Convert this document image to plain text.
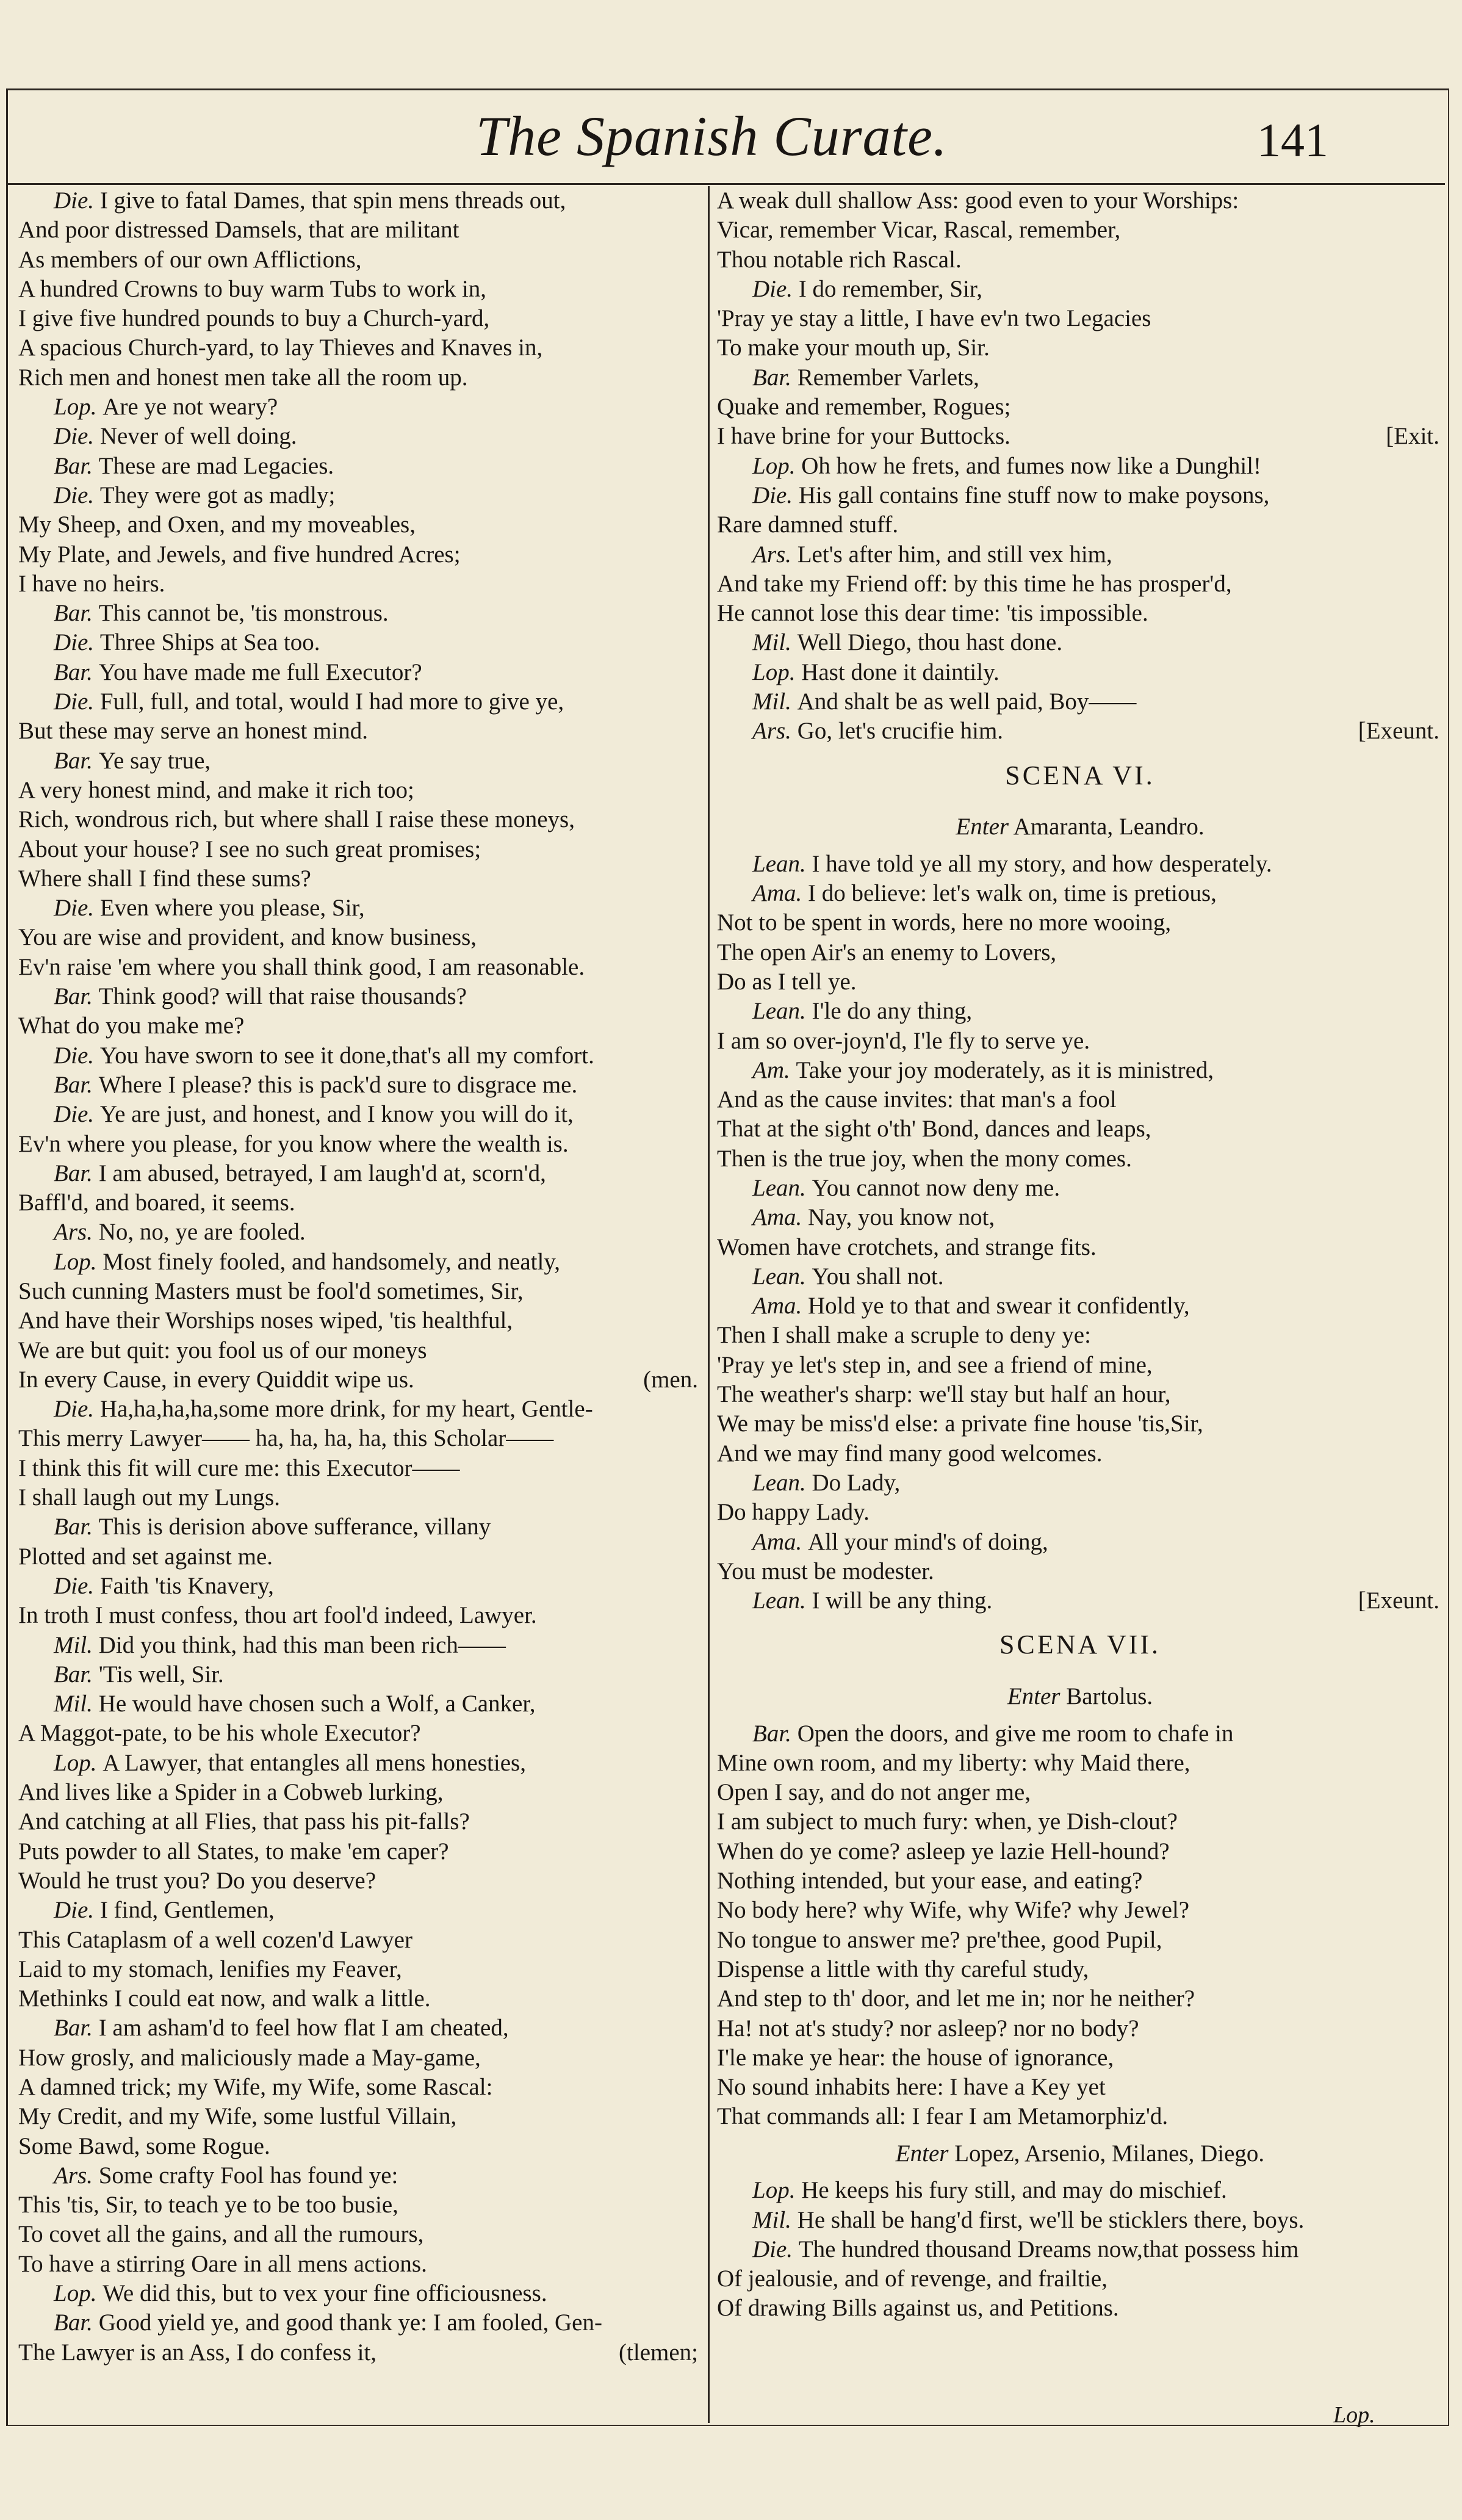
The Spanish Curate.	141
Die. I give to fatal Dames, that spin mens threads out,
And poor distressed Damsels, that are militant
As members of our own Afflictions,
A hundred Crowns to buy warm Tubs to work in,
I give five hundred pounds to buy a Church-yard,
A spacious Church-yard, to lay Thieves and Knaves in,
Rich men and honest men take all the room up.
Lop. Are ye not weary?
Die. Never of well doing.
Bar. These are mad Legacies.
Die. They were got as madly;
My Sheep, and Oxen, and my moveables,
My Plate, and Jewels, and five hundred Acres;
I have no heirs.
Bar. This cannot be, 'tis monstrous.
Die. Three Ships at Sea too.
Bar. You have made me full Executor?
Die. Full, full, and total, would I had more to give ye,
But these may serve an honest mind.
Bar. Ye say true,
A very honest mind, and make it rich too;
Rich, wondrous rich, but where shall I raise these moneys,
About your house? I see no such great promises;
Where shall I find these sums?
Die. Even where you please, Sir,
You are wise and provident, and know business,
Ev'n raise 'em where you shall think good, I am reasonable.
Bar. Think good? will that raise thousands?
What do you make me?
Die. You have sworn to see it done,that's all my comfort.
Bar. Where I please? this is pack'd sure to disgrace me.
Die. Ye are just, and honest, and I know you will do it,
Ev'n where you please, for you know where the wealth is.
Bar. I am abused, betrayed, I am laugh'd at, scorn'd,
Baffl'd, and boared, it seems.
Ars. No, no, ye are fooled.
Lop. Most finely fooled, and handsomely, and neatly,
Such cunning Masters must be fool'd sometimes, Sir,
And have their Worships noses wiped, 'tis healthful,
We are but quit: you fool us of our moneys
In every Cause, in every Quiddit wipe us.	(men.
Die. Ha,ha,ha,ha,some more drink, for my heart, Gentle-
This merry Lawyer—— ha, ha, ha, ha, this Scholar——
I think this fit will cure me: this Executor——
I shall laugh out my Lungs.
Bar. This is derision above sufferance, villany
Plotted and set against me.
Die. Faith 'tis Knavery,
In troth I must confess, thou art fool'd indeed, Lawyer.
Mil. Did you think, had this man been rich——
Bar. 'Tis well, Sir.
Mil. He would have chosen such a Wolf, a Canker,
A Maggot-pate, to be his whole Executor?
Lop. A Lawyer, that entangles all mens honesties,
And lives like a Spider in a Cobweb lurking,
And catching at all Flies, that pass his pit-falls?
Puts powder to all States, to make 'em caper?
Would he trust you? Do you deserve?
Die. I find, Gentlemen,
This Cataplasm of a well cozen'd Lawyer
Laid to my stomach, lenifies my Feaver,
Methinks I could eat now, and walk a little.
Bar. I am asham'd to feel how flat I am cheated,
How grosly, and maliciously made a May-game,
A damned trick; my Wife, my Wife, some Rascal:
My Credit, and my Wife, some lustful Villain,
Some Bawd, some Rogue.
Ars. Some crafty Fool has found ye:
This 'tis, Sir, to teach ye to be too busie,
To covet all the gains, and all the rumours,
To have a stirring Oare in all mens actions.
Lop. We did this, but to vex your fine officiousness.
Bar. Good yield ye, and good thank ye: I am fooled, Gen-
The Lawyer is an Ass, I do confess it,	(tlemen;
A weak dull shallow Ass: good even to your Worships:
Vicar, remember Vicar, Rascal, remember,
Thou notable rich Rascal.
Die. I do remember, Sir,
'Pray ye stay a little, I have ev'n two Legacies
To make your mouth up, Sir.
Bar. Remember Varlets,
Quake and remember, Rogues;
I have brine for your Buttocks.	[Exit.
Lop. Oh how he frets, and fumes now like a Dunghil!
Die. His gall contains fine stuff now to make poysons,
Rare damned stuff.
Ars. Let's after him, and still vex him,
And take my Friend off: by this time he has prosper'd,
He cannot lose this dear time: 'tis impossible.
Mil. Well Diego, thou hast done.
Lop. Hast done it daintily.
Mil. And shalt be as well paid, Boy——
Ars. Go, let's crucifie him.	[Exeunt.
SCENA VI.
Enter Amaranta, Leandro.
Lean. I have told ye all my story, and how desperately.
Ama. I do believe: let's walk on, time is pretious,
Not to be spent in words, here no more wooing,
The open Air's an enemy to Lovers,
Do as I tell ye.
Lean. I'le do any thing,
I am so over-joyn'd, I'le fly to serve ye.
Am. Take your joy moderately, as it is ministred,
And as the cause invites: that man's a fool
That at the sight o'th' Bond, dances and leaps,
Then is the true joy, when the mony comes.
Lean. You cannot now deny me.
Ama. Nay, you know not,
Women have crotchets, and strange fits.
Lean. You shall not.
Ama. Hold ye to that and swear it confidently,
Then I shall make a scruple to deny ye:
'Pray ye let's step in, and see a friend of mine,
The weather's sharp: we'll stay but half an hour,
We may be miss'd else: a private fine house 'tis,Sir,
And we may find many good welcomes.
Lean. Do Lady,
Do happy Lady.
Ama. All your mind's of doing,
You must be modester.
Lean. I will be any thing.	[Exeunt.
SCENA VII.
Enter Bartolus.
Bar. Open the doors, and give me room to chafe in
Mine own room, and my liberty: why Maid there,
Open I say, and do not anger me,
I am subject to much fury: when, ye Dish-clout?
When do ye come? asleep ye lazie Hell-hound?
Nothing intended, but your ease, and eating?
No body here? why Wife, why Wife? why Jewel?
No tongue to answer me? pre'thee, good Pupil,
Dispense a little with thy careful study,
And step to th' door, and let me in; nor he neither?
Ha! not at's study? nor asleep? nor no body?
I'le make ye hear: the house of ignorance,
No sound inhabits here: I have a Key yet
That commands all: I fear I am Metamorphiz'd.
Enter Lopez, Arsenio, Milanes, Diego.
Lop. He keeps his fury still, and may do mischief.
Mil. He shall be hang'd first, we'll be sticklers there, boys.
Die. The hundred thousand Dreams now,that possess him
Of jealousie, and of revenge, and frailtie,
Of drawing Bills against us, and Petitions.
Lop.
